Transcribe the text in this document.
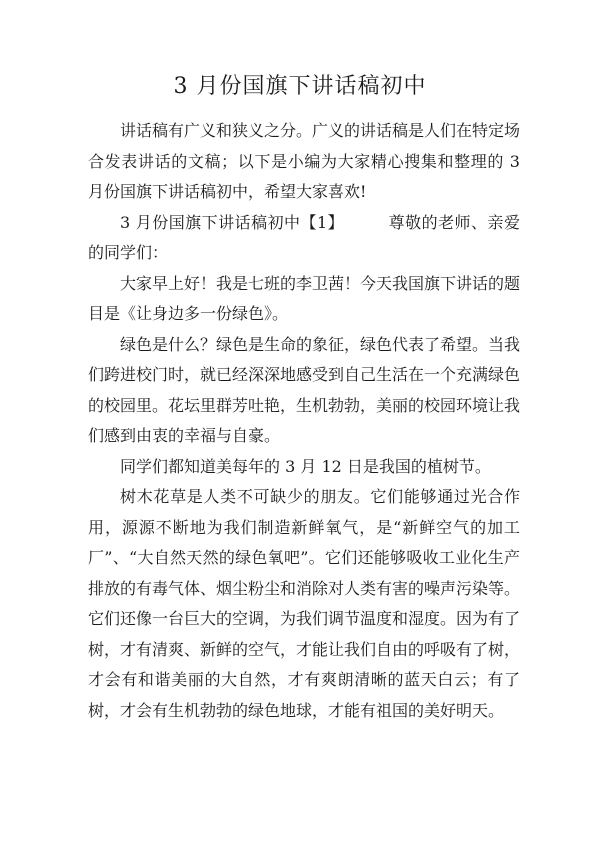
3 月份国旗下讲话稿初中

讲话稿有广义和狭义之分。广义的讲话稿是人们在特定场合发表讲话的文稿；以下是小编为大家精心搜集和整理的 3 月份国旗下讲话稿初中，希望大家喜欢!

3 月份国旗下讲话稿初中【1】        尊敬的老师、亲爱的同学们：

大家早上好！我是七班的李卫茜！今天我国旗下讲话的题目是《让身边多一份绿色》。

绿色是什么？绿色是生命的象征，绿色代表了希望。当我们跨进校门时，就已经深深地感受到自己生活在一个充满绿色的校园里。花坛里群芳吐艳，生机勃勃，美丽的校园环境让我们感到由衷的幸福与自豪。

同学们都知道美每年的 3 月 12 日是我国的植树节。

树木花草是人类不可缺少的朋友。它们能够通过光合作用，源源不断地为我们制造新鲜氧气，是“新鲜空气的加工厂”、“大自然天然的绿色氧吧”。它们还能够吸收工业化生产排放的有毒气体、烟尘粉尘和消除对人类有害的噪声污染等。它们还像一台巨大的空调，为我们调节温度和湿度。因为有了树，才有清爽、新鲜的空气，才能让我们自由的呼吸有了树，才会有和谐美丽的大自然，才有爽朗清晰的蓝天白云；有了树，才会有生机勃勃的绿色地球，才能有祖国的美好明天。
